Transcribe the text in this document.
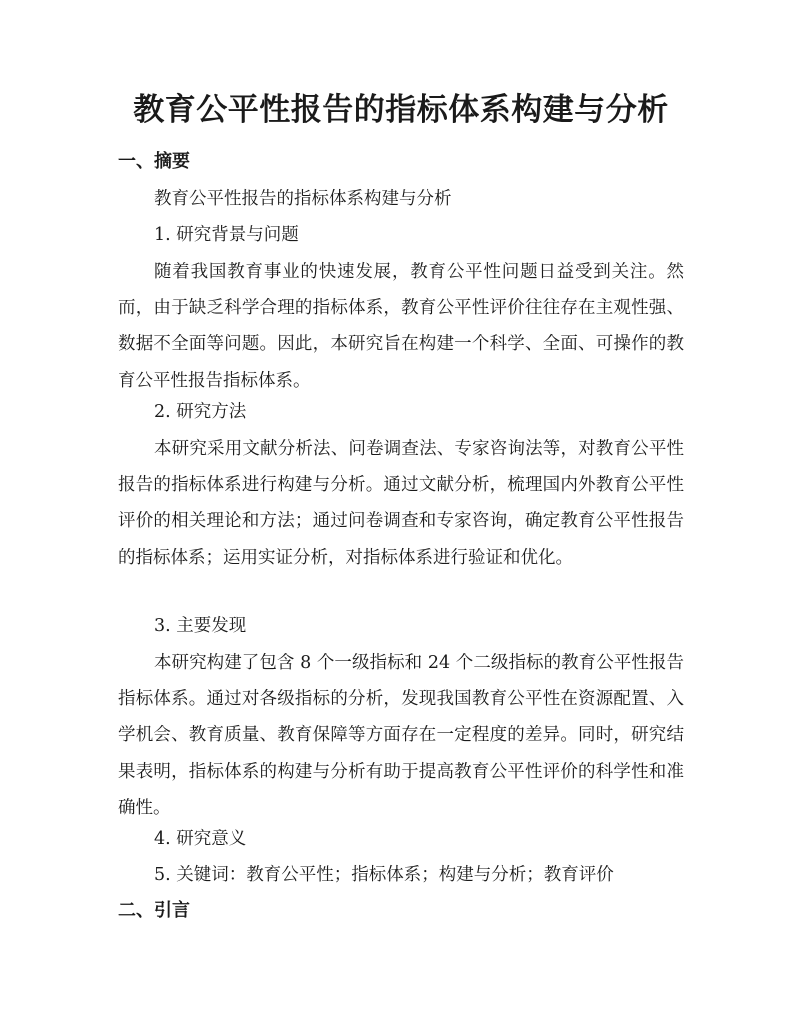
教育公平性报告的指标体系构建与分析
一、摘要

教育公平性报告的指标体系构建与分析

1. 研究背景与问题

随着我国教育事业的快速发展，教育公平性问题日益受到关注。然而，由于缺乏科学合理的指标体系，教育公平性评价往往存在主观性强、数据不全面等问题。因此，本研究旨在构建一个科学、全面、可操作的教育公平性报告指标体系。

2. 研究方法

本研究采用文献分析法、问卷调查法、专家咨询法等，对教育公平性报告的指标体系进行构建与分析。通过文献分析，梳理国内外教育公平性评价的相关理论和方法；通过问卷调查和专家咨询，确定教育公平性报告的指标体系；运用实证分析，对指标体系进行验证和优化。

3. 主要发现

本研究构建了包含 8 个一级指标和 24 个二级指标的教育公平性报告指标体系。通过对各级指标的分析，发现我国教育公平性在资源配置、入学机会、教育质量、教育保障等方面存在一定程度的差异。同时，研究结果表明，指标体系的构建与分析有助于提高教育公平性评价的科学性和准确性。

4. 研究意义

5. 关键词：教育公平性；指标体系；构建与分析；教育评价

二、引言
